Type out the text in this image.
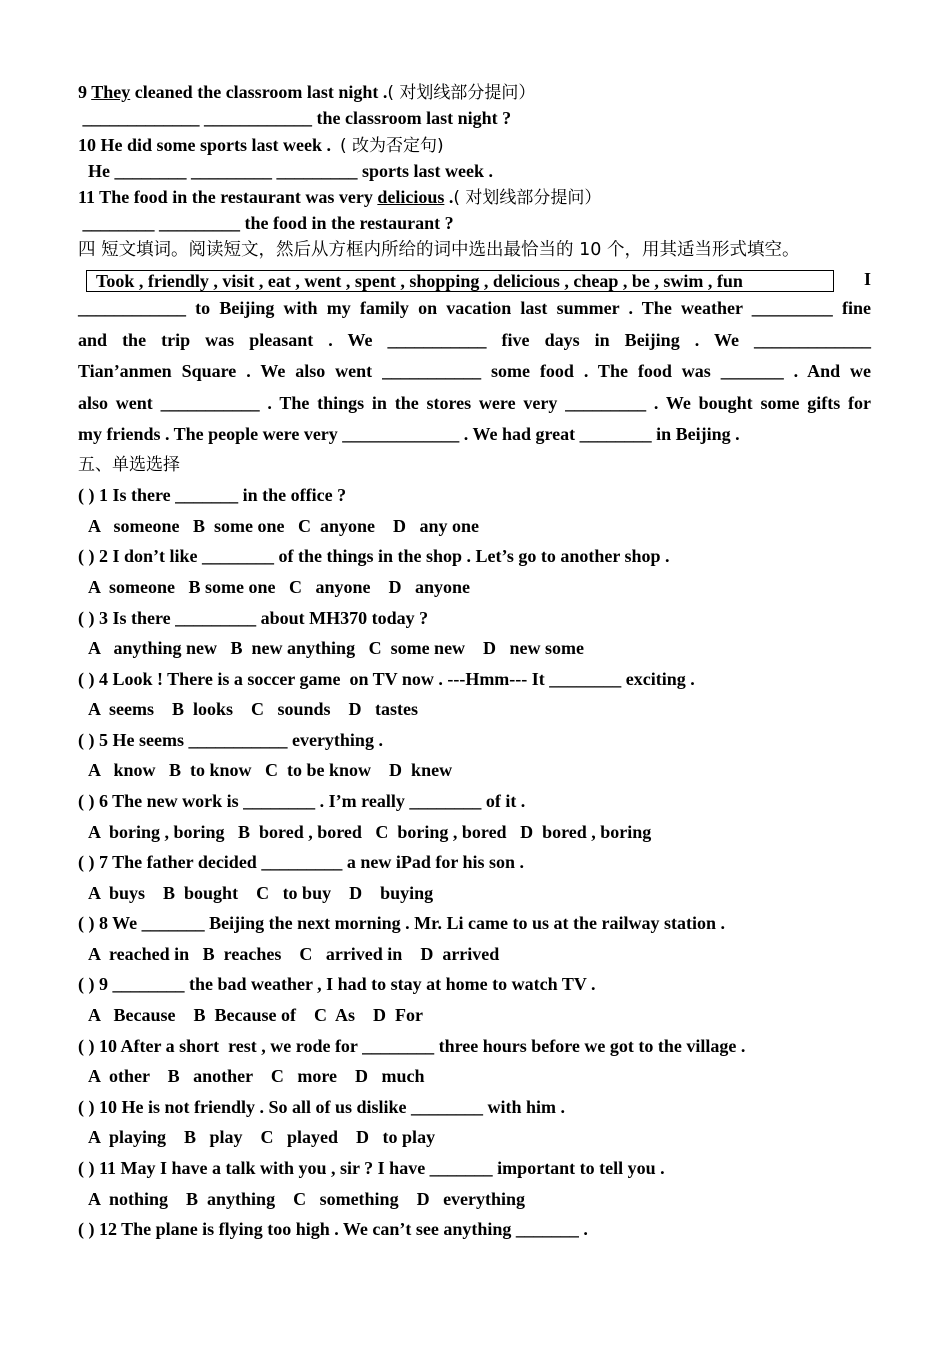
9 They cleaned the classroom last night .( 对划线部分提问）
_____________ ____________ the classroom last night ?
10 He did some sports last week .  ( 改为否定句)
He ________ _________ _________ sports last week .
11 The food in the restaurant was very delicious .( 对划线部分提问）
________ _________ the food in the restaurant ?
四 短文填词。阅读短文，然后从方框内所给的词中选出最恰当的 10 个，用其适当形式填空。
Took , friendly , visit , eat , went , spent , shopping , delicious , cheap , be , swim , fun	I
____________ to Beijing with my family on vacation last summer . The weather _________ fine
and the trip was pleasant . We ___________ five days in Beijing . We _____________
Tian’anmen Square . We also went ___________ some food . The food was _______ . And we
also went ___________ . The things in the stores were very _________ . We bought some gifts for
my friends . The people were very _____________ . We had great ________ in Beijing .
五、单选选择
( ) 1 Is there _______ in the office ?
A   someone   B  some one   C  anyone    D   any one
( ) 2 I don’t like ________ of the things in the shop . Let’s go to another shop .
A  someone   B some one   C   anyone    D   anyone
( ) 3 Is there _________ about MH370 today ?
A   anything new   B  new anything   C  some new    D   new some
( ) 4 Look ! There is a soccer game  on TV now . ---Hmm--- It ________ exciting .
A  seems    B  looks    C   sounds    D   tastes
( ) 5 He seems ___________ everything .
A   know   B  to know   C  to be know    D  knew
( ) 6 The new work is ________ . I’m really ________ of it .
A  boring , boring   B  bored , bored   C  boring , bored   D  bored , boring
( ) 7 The father decided _________ a new iPad for his son .
A  buys    B  bought    C   to buy    D    buying
( ) 8 We _______ Beijing the next morning . Mr. Li came to us at the railway station .
A  reached in   B  reaches    C   arrived in    D  arrived
( ) 9 ________ the bad weather , I had to stay at home to watch TV .
A   Because    B  Because of    C  As    D  For
( ) 10 After a short  rest , we rode for ________ three hours before we got to the village .
A  other    B   another    C   more    D   much
( ) 10 He is not friendly . So all of us dislike ________ with him .
A  playing    B   play    C   played    D   to play
( ) 11 May I have a talk with you , sir ? I have _______ important to tell you .
A  nothing    B  anything    C   something    D   everything
( ) 12 The plane is flying too high . We can’t see anything _______ .
